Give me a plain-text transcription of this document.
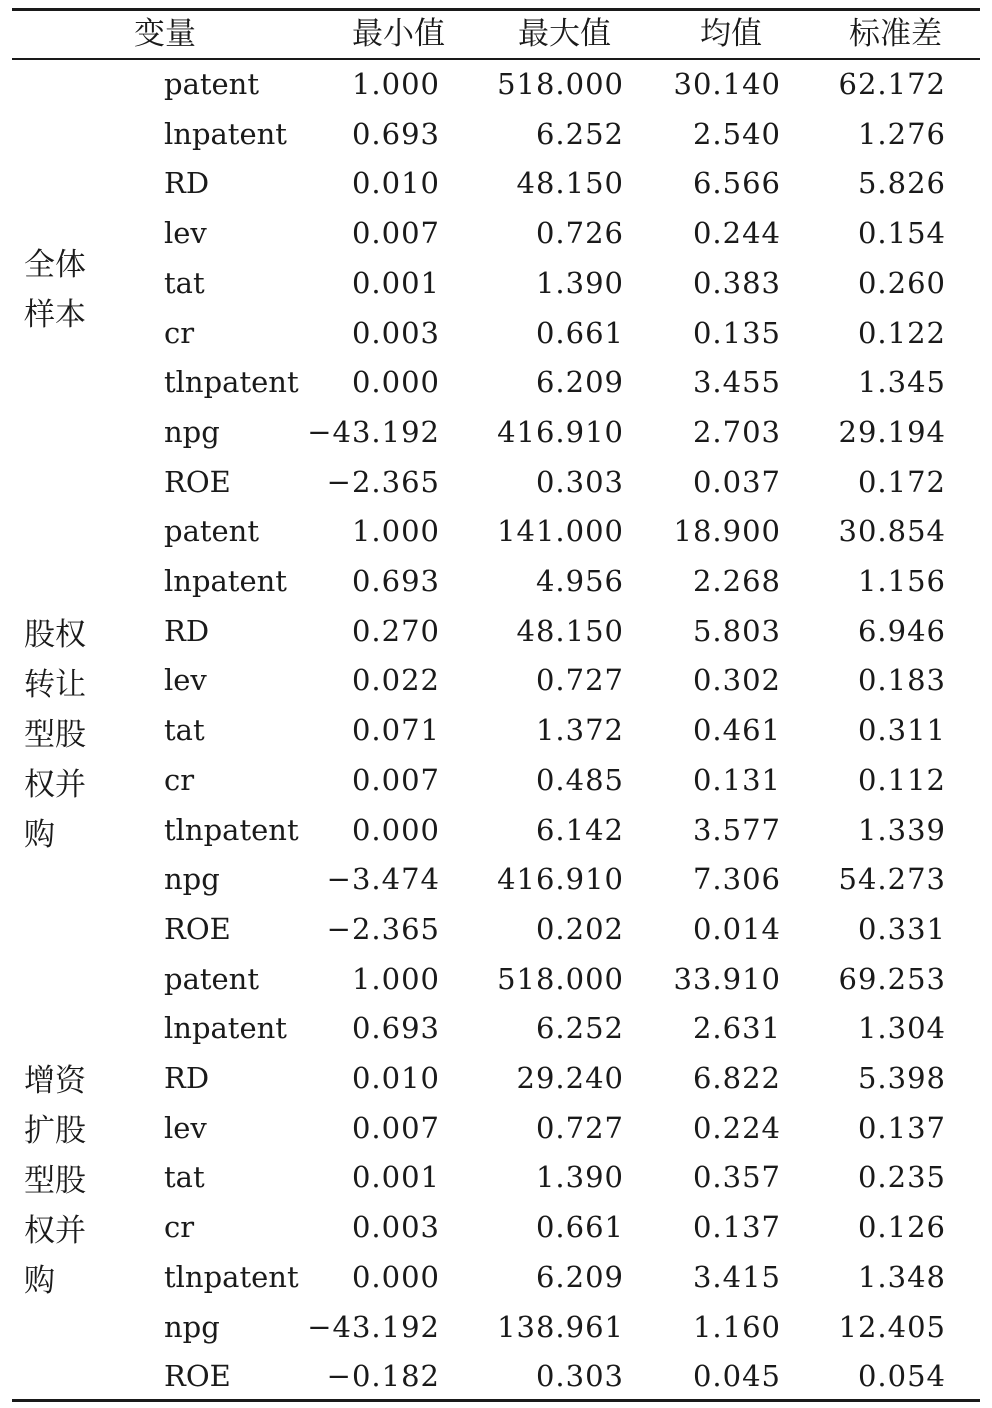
变量	最小值 最大值	均值	标准差
全体
样本
patent	1.000 518.000 30.140 62.172
lnpatent 0.693	6.252 2.540	1.276
RD	0.010	48.150 6.566	5.826
lev	0.007	0.726 0.244	0.154
tat	0.001	1.390 0.383	0.260
cr	0.003	0.661 0.135	0.122
tlnpatent 0.000	6.209 3.455	1.345
npg	−43.192 416.910 2.703 29.194
ROE	−2.365	0.303 0.037	0.172
股权
转让
型股
权并
购
patent	1.000 141.000 18.900 30.854
lnpatent 0.693	4.956 2.268	1.156
RD	0.270	48.150 5.803	6.946
lev	0.022	0.727 0.302	0.183
tat	0.071	1.372 0.461	0.311
cr	0.007	0.485 0.131	0.112
tlnpatent 0.000	6.142 3.577	1.339
npg	−3.474 416.910 7.306 54.273
ROE	−2.365	0.202 0.014	0.331
增资
扩股
型股
权并
购
patent	1.000 518.000 33.910 69.253
lnpatent 0.693	6.252 2.631	1.304
RD	0.010	29.240 6.822	5.398
lev	0.007	0.727 0.224	0.137
tat	0.001	1.390 0.357	0.235
cr	0.003	0.661 0.137	0.126
tlnpatent 0.000	6.209 3.415	1.348
npg	−43.192 138.961 1.160 12.405
ROE	−0.182	0.303 0.045	0.054
